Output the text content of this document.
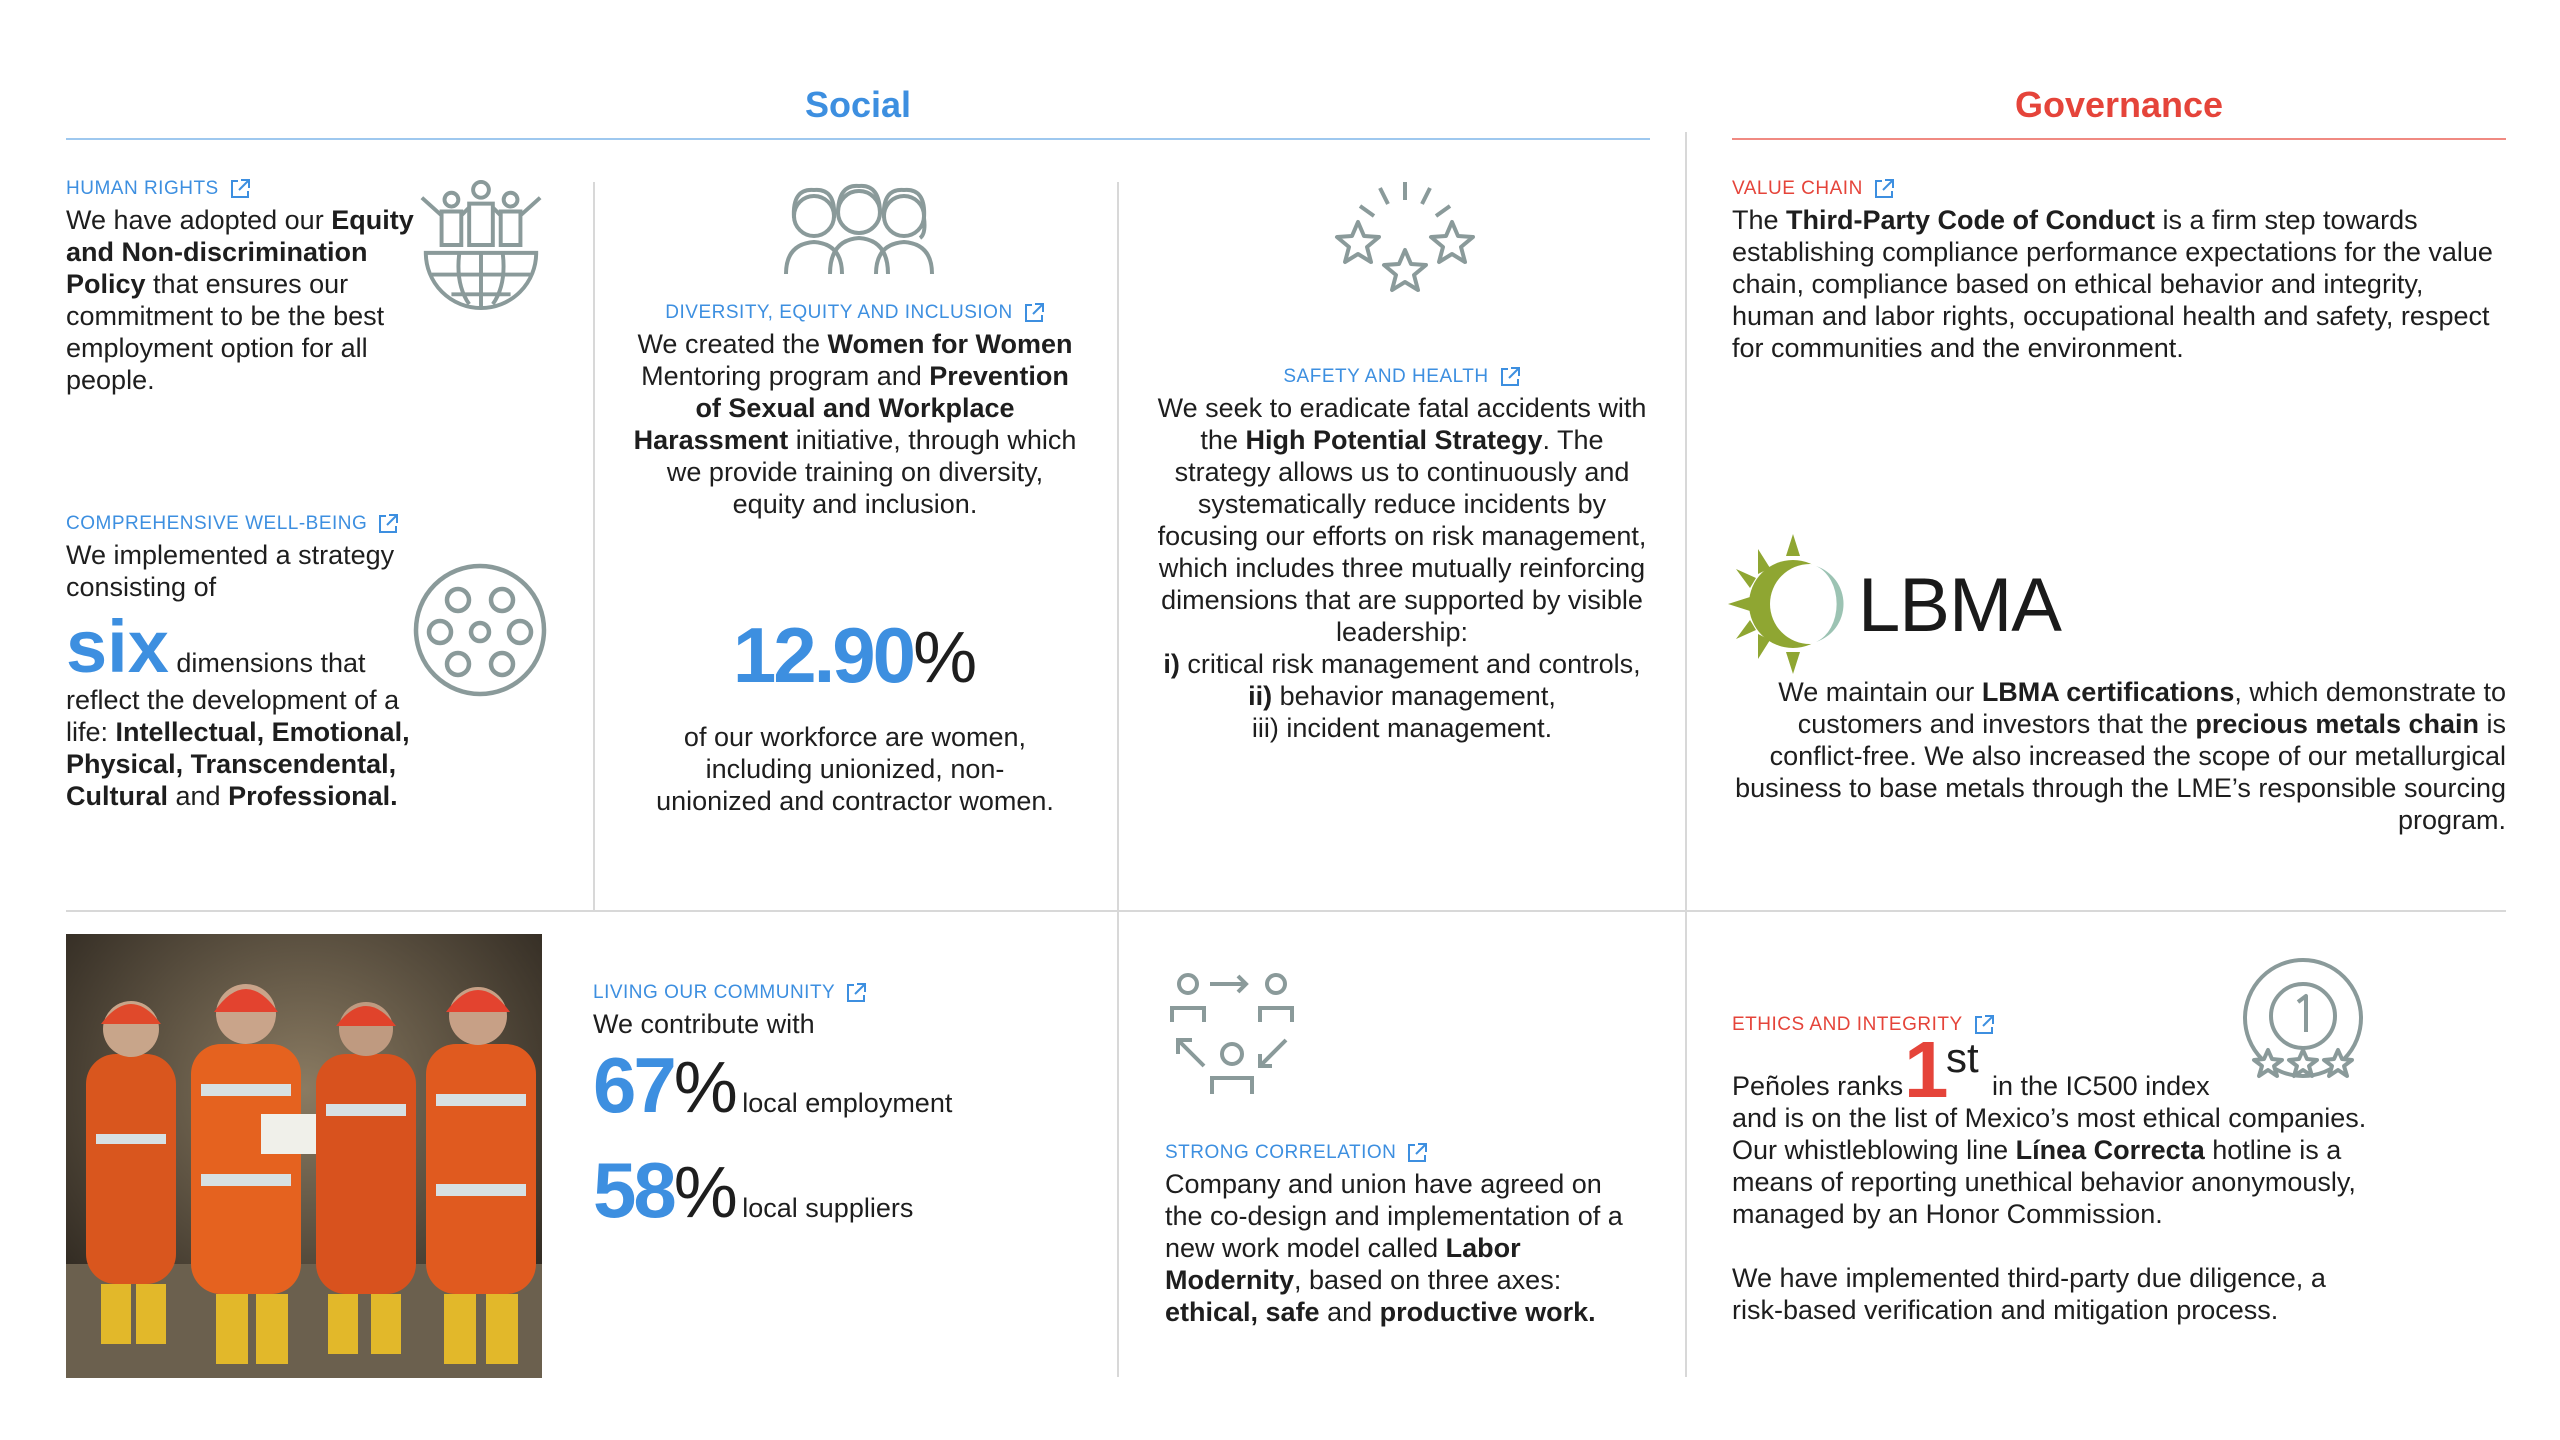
Social	Governance
HUMAN RIGHTS
We have adopted our Equity and Non-discrimination Policy that ensures our commitment to be the best employment option for all people.
COMPREHENSIVE WELL-BEING
We implemented a strategy consisting of
six dimensions that reflect the development of a life: Intellectual, Emotional, Physical, Transcendental, Cultural and Professional.
DIVERSITY, EQUITY AND INCLUSION
We created the Women for Women Mentoring program and Prevention of Sexual and Workplace Harassment initiative, through which we provide training on diversity, equity and inclusion.
12.90%
of our workforce are women, including unionized, non-unionized and contractor women.
SAFETY AND HEALTH
We seek to eradicate fatal accidents with the High Potential Strategy. The strategy allows us to continuously and systematically reduce incidents by focusing our efforts on risk management, which includes three mutually reinforcing dimensions that are supported by visible leadership:
i) critical risk management and controls,
ii) behavior management,
iii) incident management.
LIVING OUR COMMUNITY
We contribute with
67% local employment
58% local suppliers
STRONG CORRELATION
Company and union have agreed on the co-design and implementation of a new work model called Labor Modernity, based on three axes: ethical, safe and productive work.
VALUE CHAIN
The Third-Party Code of Conduct is a firm step towards establishing compliance performance expectations for the value chain, compliance based on ethical behavior and integrity, human and labor rights, occupational health and safety, respect for communities and the environment.
LBMA
We maintain our LBMA certifications, which demonstrate to customers and investors that the precious metals chain is conflict-free. We also increased the scope of our metallurgical business to base metals through the LME’s responsible sourcing program.
ETHICS AND INTEGRITY
Peñoles ranks 1
st
in the IC500 index
and is on the list of Mexico’s most ethical companies. Our whistleblowing line Línea Correcta hotline is a means of reporting unethical behavior anonymously, managed by an Honor Commission.
We have implemented third-party due diligence, a risk-based verification and mitigation process.
